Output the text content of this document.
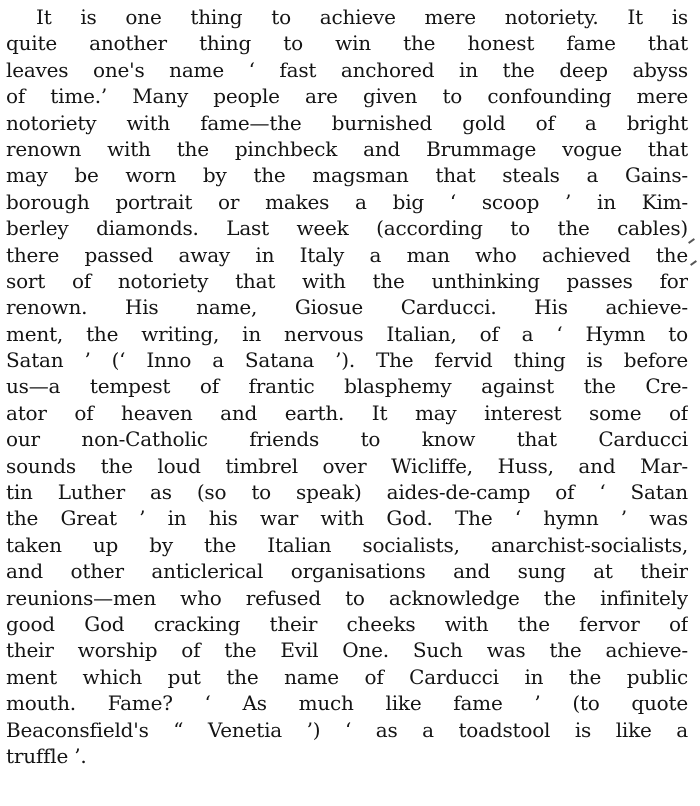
It is one thing to achieve mere notoriety. It is
quite another thing to win the honest fame that
leaves one's name ‘ fast anchored in the deep abyss
of time.’ Many people are given to confounding mere
notoriety with fame—the burnished gold of a bright
renown with the pinchbeck and Brummage vogue that
may be worn by the magsman that steals a Gains-
borough portrait or makes a big ‘ scoop ’ in Kim-
berley diamonds. Last week (according to the cables)
there passed away in Italy a man who achieved the
sort of notoriety that with the unthinking passes for
renown. His name, Giosue Carducci. His achieve-
ment, the writing, in nervous Italian, of a ‘ Hymn to
Satan ’ (‘ Inno a Satana ’). The fervid thing is before
us—a tempest of frantic blasphemy against the Cre-
ator of heaven and earth. It may interest some of
our non-Catholic friends to know that Carducci
sounds the loud timbrel over Wicliffe, Huss, and Mar-
tin Luther as (so to speak) aides-de-camp of ‘ Satan
the Great ’ in his war with God. The ‘ hymn ’ was
taken up by the Italian socialists, anarchist-socialists,
and other anticlerical organisations and sung at their
reunions—men who refused to acknowledge the infinitely
good God cracking their cheeks with the fervor of
their worship of the Evil One. Such was the achieve-
ment which put the name of Carducci in the public
mouth. Fame? ‘ As much like fame ’ (to quote
Beaconsfield's “ Venetia ’) ‘ as a toadstool is like a
truffle ’.
